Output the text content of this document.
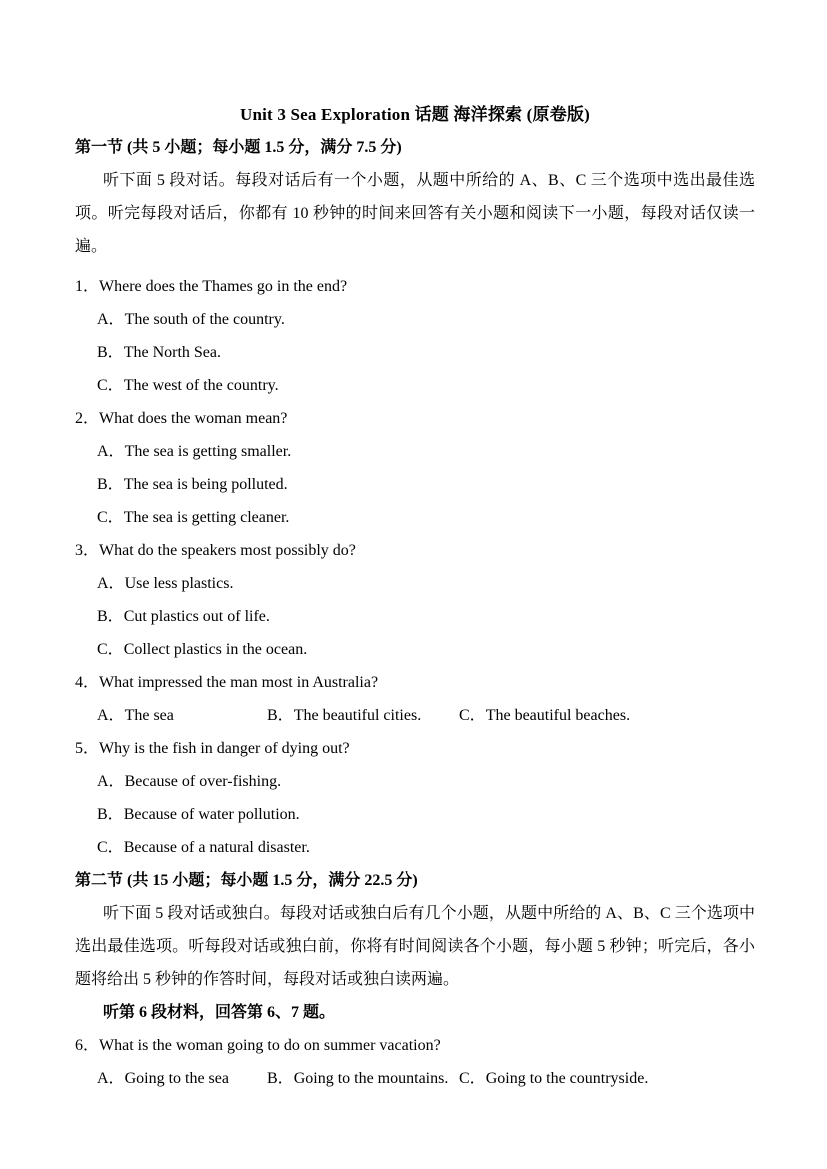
Unit 3 Sea Exploration 话题 海洋探索 (原卷版)
第一节 (共 5 小题；每小题 1.5 分，满分 7.5 分)

听下面 5 段对话。每段对话后有一个小题，从题中所给的 A、B、C 三个选项中选出最佳选项。听完每段对话后，你都有 10 秒钟的时间来回答有关小题和阅读下一小题，每段对话仅读一遍。

1．Where does the Thames go in the end?
A．The south of the country.
B．The North Sea.
C．The west of the country.
2．What does the woman mean?
A．The sea is getting smaller.
B．The sea is being polluted.
C．The sea is getting cleaner.
3．What do the speakers most possibly do?
A．Use less plastics.
B．Cut plastics out of life.
C．Collect plastics in the ocean.
4．What impressed the man most in Australia?
A．The sea	B．The beautiful cities. C．The beautiful beaches.
5．Why is the fish in danger of dying out?
A．Because of over-fishing.
B．Because of water pollution.
C．Because of a natural disaster.
第二节 (共 15 小题；每小题 1.5 分，满分 22.5 分)

听下面 5 段对话或独白。每段对话或独白后有几个小题，从题中所给的 A、B、C 三个选项中选出最佳选项。听每段对话或独白前，你将有时间阅读各个小题，每小题 5 秒钟；听完后，各小题将给出 5 秒钟的作答时间，每段对话或独白读两遍。

听第 6 段材料，回答第 6、7 题。
6．What is the woman going to do on summer vacation?
A．Going to the sea B．Going to the mountains. C．Going to the countryside.
